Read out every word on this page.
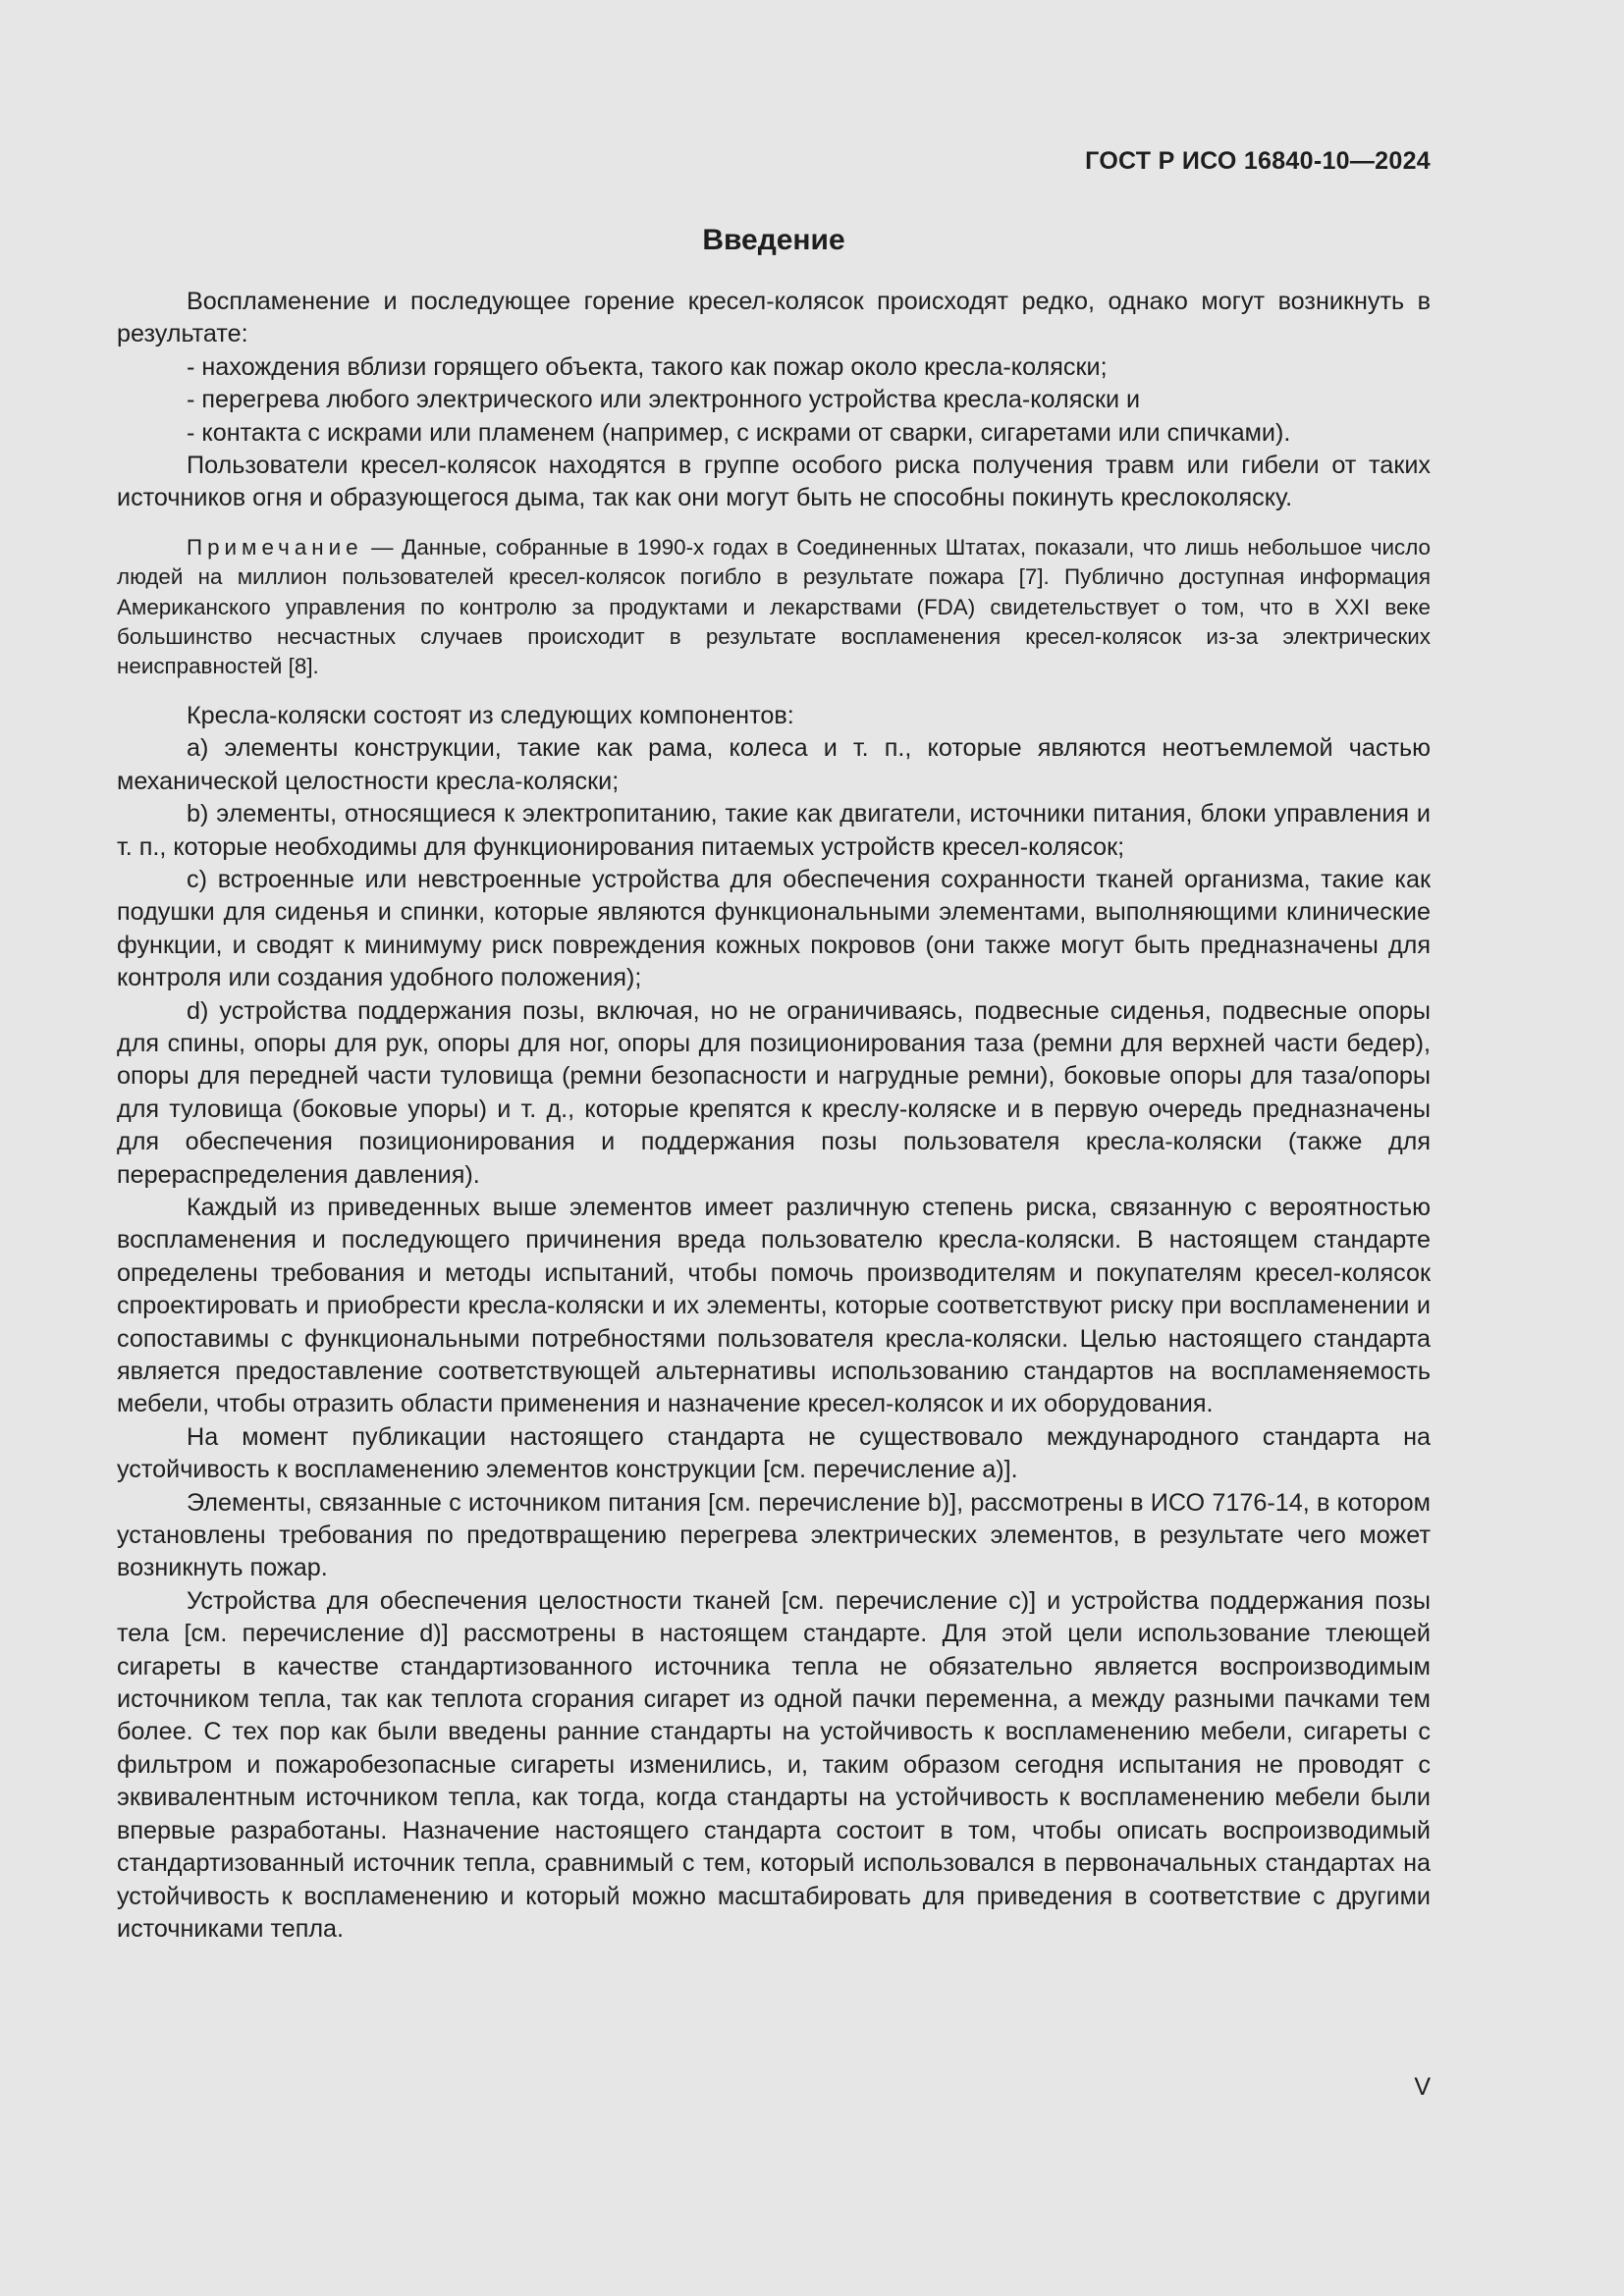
ГОСТ Р ИСО 16840-10—2024
Введение

Воспламенение и последующее горение кресел-колясок происходят редко, однако могут возникнуть в результате:

- нахождения вблизи горящего объекта, такого как пожар около кресла-коляски;

- перегрева любого электрического или электронного устройства кресла-коляски и

- контакта с искрами или пламенем (например, с искрами от сварки, сигаретами или спичками).

Пользователи кресел-колясок находятся в группе особого риска получения травм или гибели от таких источников огня и образующегося дыма, так как они могут быть не способны покинуть креслоколяску.

Примечание — Данные, собранные в 1990-х годах в Соединенных Штатах, показали, что лишь небольшое число людей на миллион пользователей кресел-колясок погибло в результате пожара [7]. Публично доступная информация Американского управления по контролю за продуктами и лекарствами (FDA) свидетельствует о том, что в XXI веке большинство несчастных случаев происходит в результате воспламенения кресел-колясок из-за электрических неисправностей [8].

Кресла-коляски состоят из следующих компонентов:

a) элементы конструкции, такие как рама, колеса и т. п., которые являются неотъемлемой частью механической целостности кресла-коляски;

b) элементы, относящиеся к электропитанию, такие как двигатели, источники питания, блоки управления и т. п., которые необходимы для функционирования питаемых устройств кресел-колясок;

c) встроенные или невстроенные устройства для обеспечения сохранности тканей организма, такие как подушки для сиденья и спинки, которые являются функциональными элементами, выполняющими клинические функции, и сводят к минимуму риск повреждения кожных покровов (они также могут быть предназначены для контроля или создания удобного положения);

d) устройства поддержания позы, включая, но не ограничиваясь, подвесные сиденья, подвесные опоры для спины, опоры для рук, опоры для ног, опоры для позиционирования таза (ремни для верхней части бедер), опоры для передней части туловища (ремни безопасности и нагрудные ремни), боковые опоры для таза/опоры для туловища (боковые упоры) и т. д., которые крепятся к креслу-коляске и в первую очередь предназначены для обеспечения позиционирования и поддержания позы пользователя кресла-коляски (также для перераспределения давления).

Каждый из приведенных выше элементов имеет различную степень риска, связанную с вероятностью воспламенения и последующего причинения вреда пользователю кресла-коляски. В настоящем стандарте определены требования и методы испытаний, чтобы помочь производителям и покупателям кресел-колясок спроектировать и приобрести кресла-коляски и их элементы, которые соответствуют риску при воспламенении и сопоставимы с функциональными потребностями пользователя кресла-коляски. Целью настоящего стандарта является предоставление соответствующей альтернативы использованию стандартов на воспламеняемость мебели, чтобы отразить области применения и назначение кресел-колясок и их оборудования.

На момент публикации настоящего стандарта не существовало международного стандарта на устойчивость к воспламенению элементов конструкции [см. перечисление а)].

Элементы, связанные с источником питания [см. перечисление b)], рассмотрены в ИСО 7176-14, в котором установлены требования по предотвращению перегрева электрических элементов, в результате чего может возникнуть пожар.

Устройства для обеспечения целостности тканей [см. перечисление с)] и устройства поддержания позы тела [см. перечисление d)] рассмотрены в настоящем стандарте. Для этой цели использование тлеющей сигареты в качестве стандартизованного источника тепла не обязательно является воспроизводимым источником тепла, так как теплота сгорания сигарет из одной пачки переменна, а между разными пачками тем более. С тех пор как были введены ранние стандарты на устойчивость к воспламенению мебели, сигареты с фильтром и пожаробезопасные сигареты изменились, и, таким образом сегодня испытания не проводят с эквивалентным источником тепла, как тогда, когда стандарты на устойчивость к воспламенению мебели были впервые разработаны. Назначение настоящего стандарта состоит в том, чтобы описать воспроизводимый стандартизованный источник тепла, сравнимый с тем, который использовался в первоначальных стандартах на устойчивость к воспламенению и который можно масштабировать для приведения в соответствие с другими источниками тепла.

V
